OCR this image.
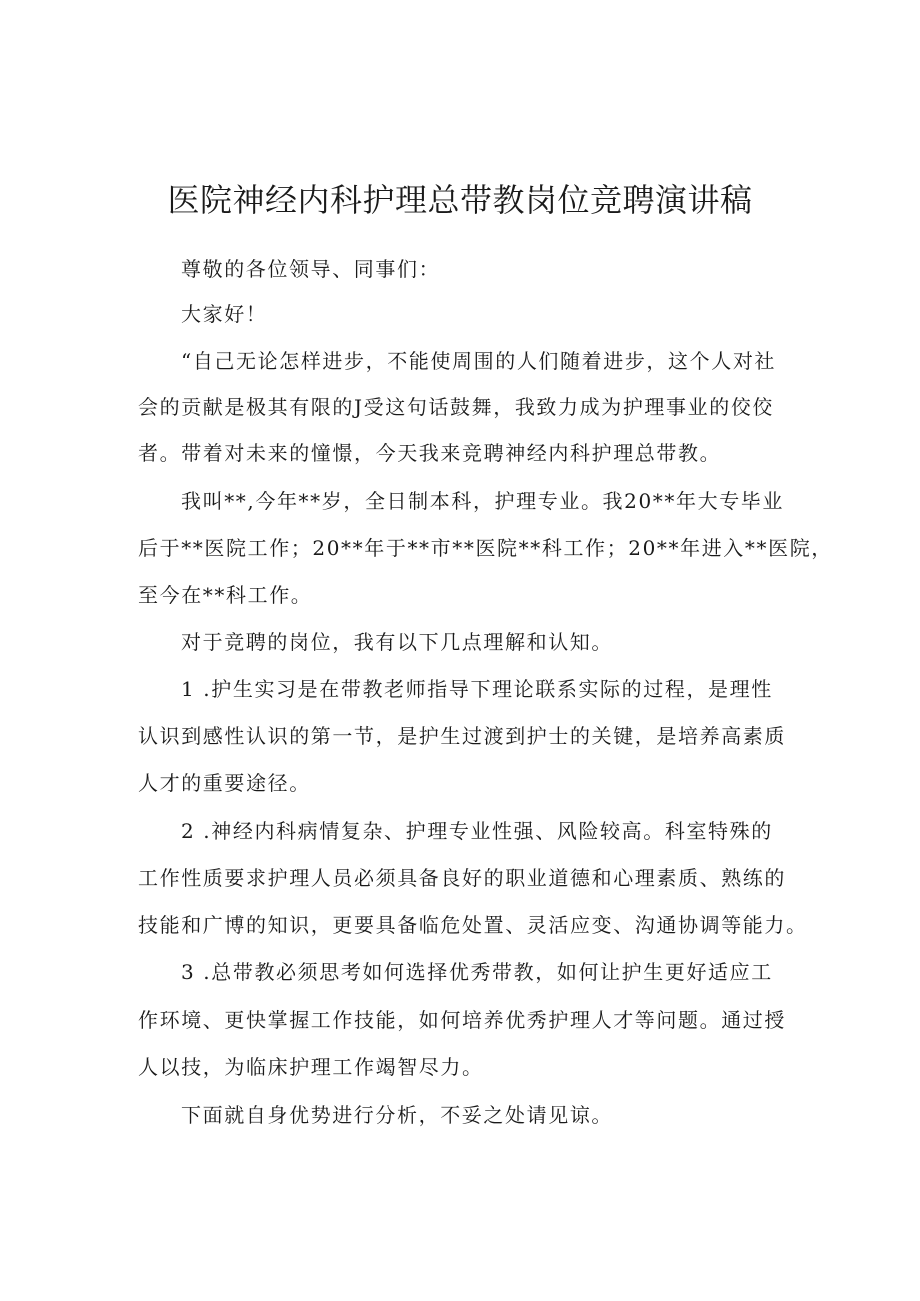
医院神经内科护理总带教岗位竞聘演讲稿
尊敬的各位领导、同事们：
大家好！
“自己无论怎样进步，不能使周围的人们随着进步，这个人对社
会的贡献是极其有限的J受这句话鼓舞，我致力成为护理事业的佼佼
者。带着对未来的憧憬，今天我来竞聘神经内科护理总带教。
我叫**,今年**岁，全日制本科，护理专业。我20**年大专毕业
后于**医院工作；20**年于**市**医院**科工作；20**年进入**医院，
至今在**科工作。
对于竞聘的岗位，我有以下几点理解和认知。
1 .护生实习是在带教老师指导下理论联系实际的过程，是理性
认识到感性认识的第一节，是护生过渡到护士的关键，是培养高素质
人才的重要途径。
2 .神经内科病情复杂、护理专业性强、风险较高。科室特殊的
工作性质要求护理人员必须具备良好的职业道德和心理素质、熟练的
技能和广博的知识，更要具备临危处置、灵活应变、沟通协调等能力。
3 .总带教必须思考如何选择优秀带教，如何让护生更好适应工
作环境、更快掌握工作技能，如何培养优秀护理人才等问题。通过授
人以技，为临床护理工作竭智尽力。
下面就自身优势进行分析，不妥之处请见谅。
